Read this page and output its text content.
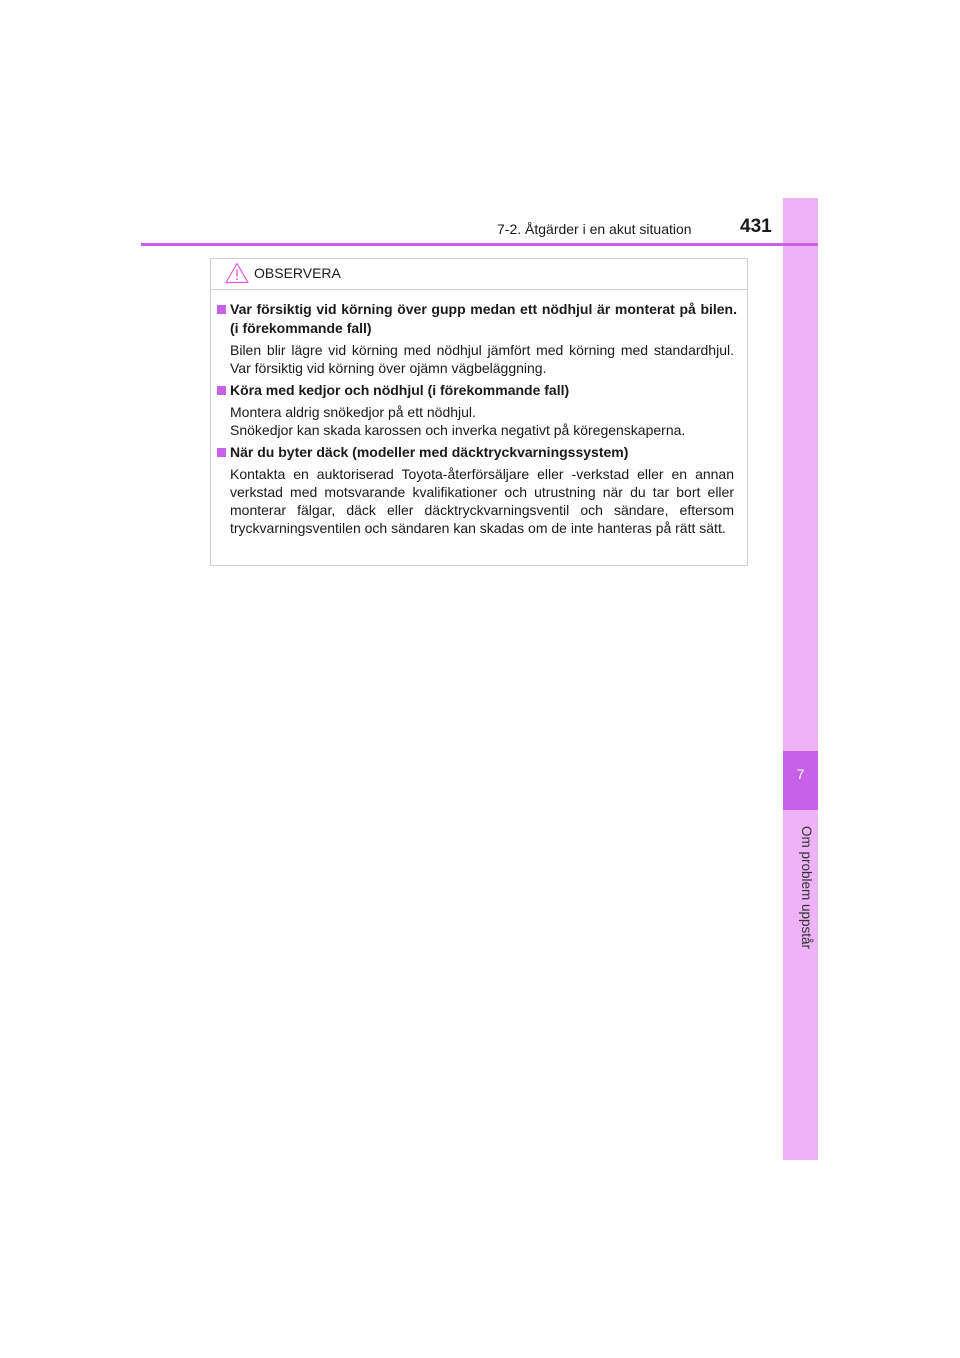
7
Om problem uppstår
7-2. Åtgärder i en akut situation	431
OBSERVERA
Var försiktig vid körning över gupp medan ett nödhjul är monterat på bilen. (i förekommande fall)

Bilen blir lägre vid körning med nödhjul jämfört med körning med standardhjul. Var försiktig vid körning över ojämn vägbeläggning.

Köra med kedjor och nödhjul (i förekommande fall)

Montera aldrig snökedjor på ett nödhjul.

Snökedjor kan skada karossen och inverka negativt på köregenskaperna.

När du byter däck (modeller med däcktryckvarningssystem)

Kontakta en auktoriserad Toyota-återförsäljare eller -verkstad eller en annan verkstad med motsvarande kvalifikationer och utrustning när du tar bort eller monterar fälgar, däck eller däcktryckvarningsventil och sändare, eftersom tryckvarningsventilen och sändaren kan skadas om de inte hanteras på rätt sätt.
